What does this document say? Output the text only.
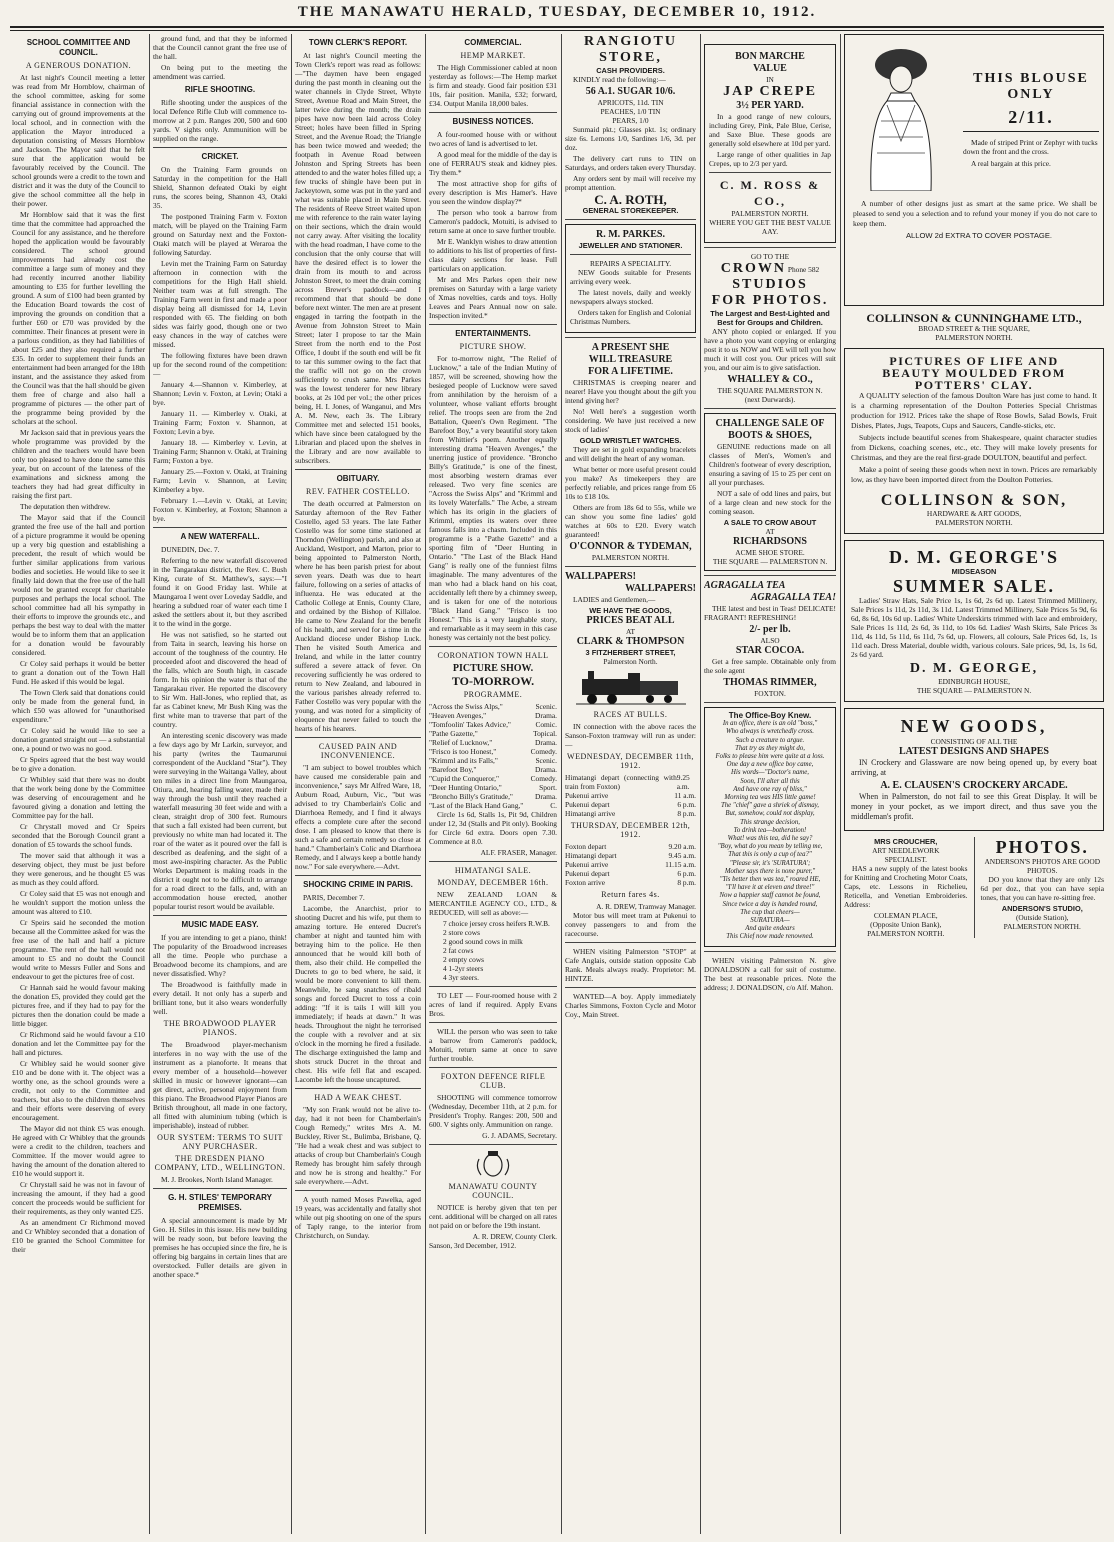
THE MANAWATU HERALD, TUESDAY, DECEMBER 10, 1912.
SCHOOL COMMITTEE AND COUNCIL.
A GENEROUS DONATION.

At last night's Council meeting a letter was read from Mr Hornblow, chairman of the school committee, asking for some financial assistance in connection with the carrying out of ground improvements at the local school, and in connection with the application the Mayor introduced a deputation consisting of Messrs Hornblow and Jackson. The Mayor said that he felt sure that the application would be favourably received by the Council. The school grounds were a credit to the town and district and it was the duty of the Council to give the school committee all the help in their power.

Mr Hornblow said that it was the first time that the committee had approached the Council for any assistance, and he therefore hoped the application would be favourably considered. The school ground improvements had already cost the committee a large sum of money and they had recently incurred another liability amounting to £35 for further levelling the ground. A sum of £100 had been granted by the Education Board towards the cost of improving the grounds on condition that a further £60 or £70 was provided by the committee. Their finances at present were in a parlous condition, as they had liabilities of about £25 and they also required a further £35. In order to supplement their funds an entertainment had been arranged for the 18th instant, and the assistance they asked from the Council was that the hall should be given them free of charge and also hall a programme of pictures — the other part of the programme being provided by the scholars at the school.

Mr Jackson said that in previous years the whole programme was provided by the children and the teachers would have been only too pleased to have done the same this year, but on account of the lateness of the examinations and sickness among the teachers they had had great difficulty in raising the first part.

The deputation then withdrew.

The Mayor said that if the Council granted the free use of the hall and portion of a picture programme it would be opening up a very big question and establishing a precedent, the result of which would be further similar applications from various bodies and societies. He would like to see it finally laid down that the free use of the hall would not be granted except for charitable purposes and perhaps the local school. The school committee had all his sympathy in their efforts to improve the grounds etc., and perhaps the best way to deal with the matter would be to inform them that an application for a donation would be favourably considered.

Cr Coley said perhaps it would be better to grant a donation out of the Town Hall Fund. He asked if this would be legal.

The Town Clerk said that donations could only be made from the general fund, in which £50 was allowed for "unauthorised expenditure."

Cr Coley said he would like to see a donation granted straight out — a substantial one, a pound or two was no good.

Cr Speirs agreed that the best way would be to give a donation.

Cr Whibley said that there was no doubt that the work being done by the Committee was deserving of encouragement and he favoured giving a donation and letting the Committee pay for the hall.

Cr Chrystall moved and Cr Speirs seconded that the Borough Council grant a donation of £5 towards the school funds.

The mover said that although it was a deserving object, they must be just before they were generous, and he thought £5 was as much as they could afford.

Cr Coley said that £5 was not enough and he wouldn't support the motion unless the amount was altered to £10.

Cr Speirs said he seconded the motion because all the Committee asked for was the free use of the hall and half a picture programme. The rent of the hall would not amount to £5 and no doubt the Council would write to Messrs Fuller and Sons and endeavour to get the pictures free of cost.

Cr Hannah said he would favour making the donation £5, provided they could get the pictures free, and if they had to pay for the pictures then the donation could be made a little bigger.

Cr Richmond said he would favour a £10 donation and let the Committee pay for the hall and pictures.

Cr Whibley said he would sooner give £10 and be done with it. The object was a worthy one, as the school grounds were a credit, not only to the Committee and teachers, but also to the children themselves and their efforts were deserving of every encouragement.

The Mayor did not think £5 was enough. He agreed with Cr Whibley that the grounds were a credit to the children, teachers and Committee. If the mover would agree to having the amount of the donation altered to £10 he would support it.

Cr Chrystall said he was not in favour of increasing the amount, if they had a good concert the proceeds would be sufficient for their requirements, as they only wanted £25.

As an amendment Cr Richmond moved and Cr Whibley seconded that a donation of £10 be granted the School Committee for their

ground fund, and that they be informed that the Council cannot grant the free use of the hall.

On being put to the meeting the amendment was carried.

RIFLE SHOOTING.

Rifle shooting under the auspices of the local Defence Rifle Club will commence to-morrow at 2 p.m. Ranges 200, 500 and 600 yards. V sights only. Ammunition will be supplied on the range.

CRICKET.

On the Training Farm grounds on Saturday in the competition for the Hall Shield, Shannon defeated Otaki by eight runs, the scores being, Shannon 43, Otaki 35.

The postponed Training Farm v. Foxton match, will be played on the Training Farm ground on Saturday next and the Foxton-Otaki match will be played at Weraroa the following Saturday.

Levin met the Training Farm on Saturday afternoon in connection with the competitions for the High Hall shield. Neither team was at full strength. The Training Farm went in first and made a poor display being all dismissed for 14, Levin responded with 65. The fielding on both sides was fairly good, though one or two easy chances in the way of catches were missed.

The following fixtures have been drawn up for the second round of the competition:—

January 4.—Shannon v. Kimberley, at Shannon; Levin v. Foxton, at Levin; Otaki a bye.

January 11. — Kimberley v. Otaki, at Training Farm; Foxton v. Shannon, at Foxton; Levin a bye.

January 18. — Kimberley v. Levin, at Training Farm; Shannon v. Otaki, at Training Farm; Foxton a bye.

January 25.—Foxton v. Otaki, at Training Farm; Levin v. Shannon, at Levin; Kimberley a bye.

February 1.—Levin v. Otaki, at Levin; Foxton v. Kimberley, at Foxton; Shannon a bye.

A NEW WATERFALL.

DUNEDIN, Dec. 7.

Referring to the new waterfall discovered in the Tangarakau district, the Rev. C. Bush King, curate of St. Matthew's, says:—"I found it on Good Friday last. While at Maungaroa I went over Loveday Saddle, and hearing a subdued roar of water each time I asked the settlers about it, but they ascribed it to the wind in the gorge.

He was not satisfied, so he started out from Taita in search, leaving his horse on account of the toughness of the country. He proceeded afoot and discovered the head of the falls, which are South high, in cascade form. In his opinion the water is that of the Tangarakau river. He reported the discovery to Sir Wm. Hall-Jones, who replied that, as far as Cabinet knew, Mr Bush King was the first white man to traverse that part of the country.

An interesting scenic discovery was made a few days ago by Mr Larkin, surveyor, and his party (writes the Taumarunui correspondent of the Auckland "Star"). They were surveying in the Waitanga Valley, about ten miles in a direct line from Maungaroa, Otiura, and, hearing falling water, made their way through the bush until they reached a waterfall measuring 30 feet wide and with a clean, straight drop of 300 feet. Rumours that such a fall existed had been current, but previously no white man had located it. The roar of the water as it poured over the fall is described as deafening, and the sight of a most awe-inspiring character. As the Public Works Department is making roads in the district it ought not to be difficult to arrange for a road direct to the falls, and, with an accommodation house erected, another popular tourist resort would be available.

MUSIC MADE EASY.

If you are intending to get a piano, think! The popularity of the Broadwood increases all the time. People who purchase a Broadwood become its champions, and are never dissatisfied. Why?

The Broadwood is faithfully made in every detail. It not only has a superb and brilliant tone, but it also wears wonderfully well.

THE BROADWOOD PLAYER PIANOS.

The Broadwood player-mechanism interferes in no way with the use of the instrument as a pianoforte. It means that every member of a household—however skilled in music or however ignorant—can get direct, active, personal enjoyment from this piano. The Broadwood Player Pianos are British throughout, all made in one factory, all fitted with aluminium tubing (which is imperishable), instead of rubber.

OUR SYSTEM: TERMS TO SUIT ANY PURCHASER.
THE DRESDEN PIANO COMPANY, LTD., WELLINGTON.

M. J. Brookes, North Island Manager.

G. H. STILES' TEMPORARY PREMISES.

A special announcement is made by Mr Geo. H. Stiles in this issue. His new building will be ready soon, but before leaving the premises he has occupied since the fire, he is offering big bargains in certain lines that are overstocked. Fuller details are given in another space.*

TOWN CLERK'S REPORT.

At last night's Council meeting the Town Clerk's report was read as follows:—"The daymen have been engaged during the past month in cleaning out the water channels in Clyde Street, Whyte Street, Avenue Road and Main Street, the latter twice during the month; the drain pipes have now been laid across Coley Street; holes have been filled in Spring Street, and the Avenue Road; the Triangle has been twice mowed and weeded; the footpath in Avenue Road between Johnston and Spring Streets has been attended to and the water holes filled up; a few trucks of shingle have been put in Jackeytown, some was put in the yard and what was suitable placed in Main Street. The residents of Reeve Street waited upon me with reference to the rain water laying on their sections, which the drain would not carry away. After visiting the locality with the head roadman, I have come to the conclusion that the only course that will have the desired effect is to lower the drain from its mouth to and across Johnston Street, to meet the drain coming across Brewer's paddock—and I recommend that that should be done before next winter. The men are at present engaged in tarring the footpath in the Avenue from Johnston Street to Main Street; later I propose to tar the Main Street from the north end to the Post Office, I doubt if the south end will be fit to tar this summer owing to the fact that the traffic will not go on the crown sufficiently to crush same. Mrs Parkes was the lowest tenderer for new library books, at 2s 10d per vol.; the other prices being, H. I. Jones, of Wanganui, and Mrs A. M. New, each 3s. The Library Committee met and selected 151 books, which have since been catalogued by the Librarian and placed upon the shelves in the Library and are now available to subscribers.

OBITUARY.
REV. FATHER COSTELLO.

The death occurred at Palmerston on Saturday afternoon of the Rev Father Costello, aged 53 years. The late Father Costello was for some time stationed at Thorndon (Wellington) parish, and also at Auckland, Westport, and Marton, prior to being appointed to Palmerston North, where he has been parish priest for about seven years. Death was due to heart failure, following on a series of attacks of influenza. He was educated at the Catholic College at Ennis, County Clare, and ordained by the Bishop of Killaloe. He came to New Zealand for the benefit of his health, and served for a time in the Auckland diocese under Bishop Luck. Then he visited South America and Ireland, and while in the latter country suffered a severe attack of fever. On recovering sufficiently he was ordered to return to New Zealand, and laboured in the various parishes already referred to. Father Costello was very popular with the young, and was noted for a simplicity of eloquence that never failed to touch the hearts of his hearers.

CAUSED PAIN AND INCONVENIENCE.

"I am subject to bowel troubles which have caused me considerable pain and inconvenience," says Mr Alfred Ware, 18, Auburn Road, Auburn, Vic., "but was advised to try Chamberlain's Colic and Diarrhoea Remedy, and I find it always effects a complete cure after the second dose. I am pleased to know that there is such a safe and certain remedy so close at hand." Chamberlain's Colic and Diarrhoea Remedy, and I always keep a bottle handy now." For sale everywhere.—Advt.

SHOCKING CRIME IN PARIS.

PARIS, December 7.

Lacombe, the Anarchist, prior to shooting Ducret and his wife, put them to amazing torture. He entered Ducret's chamber at night and taunted him with betraying him to the police. He then announced that he would kill both of them, also their child. He compelled the Ducrets to go to bed where, he said, it would be more convenient to kill them. Meanwhile, he sang snatches of ribald songs and forced Ducret to toss a coin adding: "If it is tails I will kill you immediately; if heads at dawn." It was heads. Throughout the night he terrorised the couple with a revolver and at six o'clock in the morning he fired a fusilade. The discharge extinguished the lamp and shots struck Ducret in the throat and chest. His wife fell flat and escaped. Lacombe left the house uncaptured.

HAD A WEAK CHEST.

"My son Frank would not be alive to-day, had it not been for Chamberlain's Cough Remedy," writes Mrs A. M. Buckley, River St., Bulimba, Brisbane, Q. "He had a weak chest and was subject to attacks of croup but Chamberlain's Cough Remedy has brought him safely through and now he is strong and healthy." For sale everywhere.—Advt.

A youth named Moses Pawelka, aged 19 years, was accidentally and fatally shot while out pig shooting on one of the spurs of Taply range, to the interior from Christchurch, on Sunday.

COMMERCIAL.
HEMP MARKET.

The High Commissioner cabled at noon yesterday as follows:—The Hemp market is firm and steady. Good fair position £31 10s, fair position. Manila, £32; forward, £34. Output Manila 18,000 bales.

BUSINESS NOTICES.

A four-roomed house with or without two acres of land is advertised to let.

A good meal for the middle of the day is one of FERRAU'S steak and kidney pies. Try them.*

The most attractive shop for gifts of every description is Mrs Hamer's. Have you seen the window display?*

The person who took a barrow from Cameron's paddock, Motuiti, is advised to return same at once to save further trouble.

Mr E. Wanklyn wishes to draw attention to additions to his list of properties of first-class dairy sections for lease. Full particulars on application.

Mr and Mrs Parkes open their new premises on Saturday with a large variety of Xmas novelties, cards and toys. Holly Leaves and Pears Annual now on sale. Inspection invited.*

ENTERTAINMENTS.
PICTURE SHOW.

For to-morrow night, "The Relief of Lucknow," a tale of the Indian Mutiny of 1857, will be screened, showing how the besieged people of Lucknow were saved from annihilation by the heroism of a volunteer, whose valiant efforts brought relief. The troops seen are from the 2nd Battalion, Queen's Own Regiment. "The Barefoot Boy," a very beautiful story taken from Whittier's poem. Another equally interesting drama "Heaven Avenges," the unerring justice of providence. "Broncho Billy's Gratitude," is one of the finest, most absorbing western dramas ever released. Two very fine scenics are "Across the Swiss Alps" and "Krimml and its lovely Waterfalls." The Acbe, a stream which has its origin in the glaciers of Krimml, empties its waters over three famous falls into a chasm. Included in this programme is a "Pathe Gazette" and a sporting film of "Deer Hunting in Ontario." "The Last of the Black Hand Gang" is really one of the funniest films imaginable. The many adventures of the man who had a black hand on his coat, accidentally left there by a chimney sweep, and is taken for one of the notorious "Black Hand Gang." "Frisco is too Honest." This is a very laughable story, and remarkable as it may seem in this case honesty was certainly not the best policy.

CORONATION TOWN HALL
PICTURE SHOW.
TO-MORROW.
PROGRAMME.
"Across the Swiss Alps,"	Scenic.
"Heaven Avenges,"	Drama.
"Tomfoolin' Takes Advice,"	Comic.
"Pathe Gazette,"	Topical.
"Relief of Lucknow,"	Drama.
"Frisco is too Honest,"	Comedy.
"Krimml and its Falls,"	Scenic.
"Barefoot Boy,"	Drama.
"Cupid the Conqueror,"	Comedy.
"Deer Hunting Ontario,"	Sport.
"Broncho Billy's Gratitude,"	Drama.
"Last of the Black Hand Gang,"	C.

Circle 1s 6d, Stalls 1s, Pit 9d, Children under 12, 3d (Stalls and Pit only). Booking for Circle 6d extra. Doors open 7.30. Commence at 8.0.

ALF. FRASER, Manager.
HIMATANGI SALE.
MONDAY, DECEMBER 16th.

NEW ZEALAND LOAN & MERCANTILE AGENCY CO., LTD., & REDUCED, will sell as above:—

7 choice jersey cross heifers R.W.B.
2 store cows
2 good sound cows in milk
2 fat cows
2 empty cows
4 1-2yr steers
4 3yr steers.

TO LET — Four-roomed house with 2 acres of land if required. Apply Evans Bros.

WILL the person who was seen to take a barrow from Cameron's paddock, Motuiti, return same at once to save further trouble.

FOXTON DEFENCE RIFLE CLUB.

SHOOTING will commence tomorrow (Wednesday, December 11th, at 2 p.m. for President's Trophy. Ranges: 200, 500 and 600. V sights only. Ammunition on range.

G. J. ADAMS, Secretary.
MANAWATU COUNTY COUNCIL.

NOTICE is hereby given that ten per cent. additional will be charged on all rates not paid on or before the 19th instant.

A. R. DREW, County Clerk.
Sanson, 3rd December, 1912.
RANGIOTU
STORE,
CASH PROVIDERS.

KINDLY read the following:—

56 A.1. SUGAR 10/6.
APRICOTS, 11d. TIN
PEACHES, 1/0 TIN
PEARS, 1/0

Sunmaid pkt.; Glasses pkt. 1s; ordinary size 6s. Lemons 1/0, Sardines 1/6, 3d. per doz.

The delivery cart runs to TIN on Saturdays, and orders taken every Thursday.

Any orders sent by mail will receive my prompt attention.

C. A. ROTH,
GENERAL STOREKEEPER.
R. M. PARKES.
JEWELLER AND STATIONER.
REPAIRS A SPECIALITY.

NEW Goods suitable for Presents arriving every week.

The latest novels, daily and weekly newspapers always stocked.

Orders taken for English and Colonial Christmas Numbers.

A PRESENT SHE
WILL TREASURE
FOR A LIFETIME.

CHRISTMAS is creeping nearer and nearer! Have you thought about the gift you intend giving her?

No! Well here's a suggestion worth considering. We have just received a new stock of ladies'

GOLD WRISTLET WATCHES.

They are set in gold expanding bracelets and will delight the heart of any woman.

What better or more useful present could you make? As timekeepers they are perfectly reliable, and prices range from £6 10s to £18 10s.

Others are from 18s 6d to 55s, while we can show you some fine ladies' gold watches at 60s to £20. Every watch guaranteed!

O'CONNOR & TYDEMAN,
PALMERSTON NORTH.
WALLPAPERS!
WALLPAPERS!

LADIES and Gentlemen,—

WE HAVE THE GOODS,
PRICES BEAT ALL
AT
CLARK & THOMPSON
3 FITZHERBERT STREET,
Palmerston North.
RACES AT BULLS.

IN connection with the above races the Sanson-Foxton tramway will run as under:—

WEDNESDAY, DECEMBER 11th, 1912.
Himatangi depart (connecting with train from Foxton)
9.25 a.m.
Pukenui arrive	11 a.m.
Pukenui depart	6 p.m.
Himatangi arrive	8 p.m.
THURSDAY, DECEMBER 12th, 1912.
Foxton depart	9.20 a.m.
Himatangi depart	9.45 a.m.
Pukenui arrive	11.15 a.m.
Pukenui depart	6 p.m.
Foxton arrive	8 p.m.
Return fares 4s.
A. R. DREW, Tramway Manager.

Motor bus will meet tram at Pukenui to convey passengers to and from the racecourse.

WHEN visiting Palmerston "STOP" at Cafe Anglais, outside station opposite Cab Rank. Meals always ready. Proprietor: M. HINTZE.

WANTED—A boy. Apply immediately Charles Simmons, Foxton Cycle and Motor Coy., Main Street.

BON MARCHE
VALUE
IN
JAP CREPE
3½ PER YARD.

In a good range of new colours, including Grey, Pink, Pale Blue, Cerise, and Saxe Blue. These goods are generally sold elsewhere at 10d per yard.

Large range of other qualities in Jap Crepes, up to 2/3 per yard.

C. M. ROSS & CO.,
PALMERSTON NORTH.
WHERE YOU GET THE BEST VALUE AAY.
GO TO THE
CROWN Phone 582
STUDIOS
FOR PHOTOS.
The Largest and Best-Lighted and Best for Groups and Children.

ANY photo copied or enlarged. If you have a photo you want copying or enlarging post it to us NOW and WE will tell you how much it will cost you. Our prices will suit you, and our aim is to give satisfaction.

WHALLEY & CO.,
THE SQUARE PALMERSTON N.
(next Durwards).
CHALLENGE SALE OF
BOOTS & SHOES,

GENUINE reductions made on all classes of Men's, Women's and Children's footwear of every description, ensuring a saving of 15 to 25 per cent on all your purchases.

NOT a sale of odd lines and pairs, but of a large clean and new stock for the coming season.

A SALE TO CROW ABOUT
AT
RICHARDSONS
ACME SHOE STORE.
THE SQUARE — PALMERSTON N.
AGRAGALLA TEA
AGRAGALLA TEA!

THE latest and best in Teas! DELICATE! FRAGRANT! REFRESHING!

2/- per lb.
ALSO
STAR COCOA.

Get a free sample. Obtainable only from the sole agent

THOMAS RIMMER,
FOXTON.
The Office-Boy Knew.
In an office, there is an old "boss,"
Who always is wretchedly cross.
Such a creature to argue.
That try as they might do,
Folks to please him were quite at a loss.
One day a new office boy came,
His words—"Doctor's name,
Soon, I'll alter all this
And have one ray of bliss,"
Morning tea was HIS little game!
The "chief" gave a shriek of dismay,
But, somehow, could not display,
This strange decision,
To drink tea—botheration!
What! was this tea, did he say?
"Boy, what do you mean by telling me,
That this is only a cup of tea?"
"Please sir, it's 'SURATURA';
Mother says there is none purer,"
"Tis better then was tea," roared HE,
"I'll have it at eleven and three!"
Now a happier staff cannot be found,
Since twice a day is handed round,
The cup that cheers—
SURATURA—
And quite endears
This Chief now made renowned.

WHEN visiting Palmerston N. give DONALDSON a call for suit of costume. The best at reasonable prices. Note the address; J. DONALDSON, c/o Alf. Mahon.

THIS BLOUSE
ONLY
2/11.

Made of striped Print or Zephyr with tucks down the front and the cross.

A real bargain at this price.

A number of other designs just as smart at the same price. We shall be pleased to send you a selection and to refund your money if you do not care to keep them.

ALLOW 2d EXTRA TO COVER POSTAGE.

COLLINSON & CUNNINGHAME LTD.,
BROAD STREET & THE SQUARE,
PALMERSTON NORTH.
PICTURES OF LIFE AND
BEAUTY MOULDED FROM
POTTERS' CLAY.

A QUALITY selection of the famous Doulton Ware has just come to hand. It is a charming representation of the Doulton Potteries Special Christmas production for 1912. Prices take the shape of Rose Bowls, Salad Bowls, Fruit Dishes, Plates, Jugs, Teapots, Cups and Saucers, Candle-sticks, etc.

Subjects include beautiful scenes from Shakespeare, quaint character studies from Dickens, coaching scenes, etc., etc. They will make lovely presents for Christmas, and they are the real first-grade DOULTON, beautiful and perfect.

Make a point of seeing these goods when next in town. Prices are remarkably low, as they have been imported direct from the Doulton Potteries.

COLLINSON & SON,
HARDWARE & ART GOODS,
PALMERSTON NORTH.
D. M. GEORGE'S
MIDSEASON
SUMMER SALE.

Ladies' Straw Hats, Sale Price 1s, 1s 6d, 2s 6d up. Latest Trimmed Millinery, Sale Prices 1s 11d, 2s 11d, 3s 11d. Latest Trimmed Millinery, Sale Prices 5s 9d, 6s 6d, 8s 6d, 10s 6d up. Ladies' White Underskirts trimmed with lace and embroidery, Sale Prices 1s 11d, 2s 6d, 3s 11d, to 10s 6d. Ladies' Wash Skirts, Sale Prices 3s 11d, 4s 11d, 5s 11d, 6s 11d, 7s 6d, up. Flowers, all colours, Sale Prices 6d, 1s, 1s 11d each. Dress Material, double width, various colours. Sale prices, 9d, 1s, 1s 6d, 2s 6d yard.

D. M. GEORGE,
EDINBURGH HOUSE,
THE SQUARE — PALMERSTON N.
NEW GOODS,
CONSISTING OF ALL THE
LATEST DESIGNS AND SHAPES

IN Crockery and Glassware are now being opened up, by every boat arriving, at

A. E. CLAUSEN'S CROCKERY ARCADE.

When in Palmerston, do not fail to see this Great Display. It will be money in your pocket, as we import direct, and thus save you the middleman's profit.

MRS CROUCHER,
ART NEEDLEWORK
SPECIALIST.

HAS a new supply of the latest books for Knitting and Crocheting Motor Coats, Caps, etc. Lessons in Richelieu, Reticella, and Venetian Embroideries. Address:

COLEMAN PLACE,
(Opposite Union Bank),
PALMERSTON NORTH.
PHOTOS.
ANDERSON'S PHOTOS ARE GOOD PHOTOS.

DO you know that they are only 12s 6d per doz., that you can have sepia tones, that you can have re-sitting free.

ANDERSON'S STUDIO,
(Outside Station),
PALMERSTON NORTH.
